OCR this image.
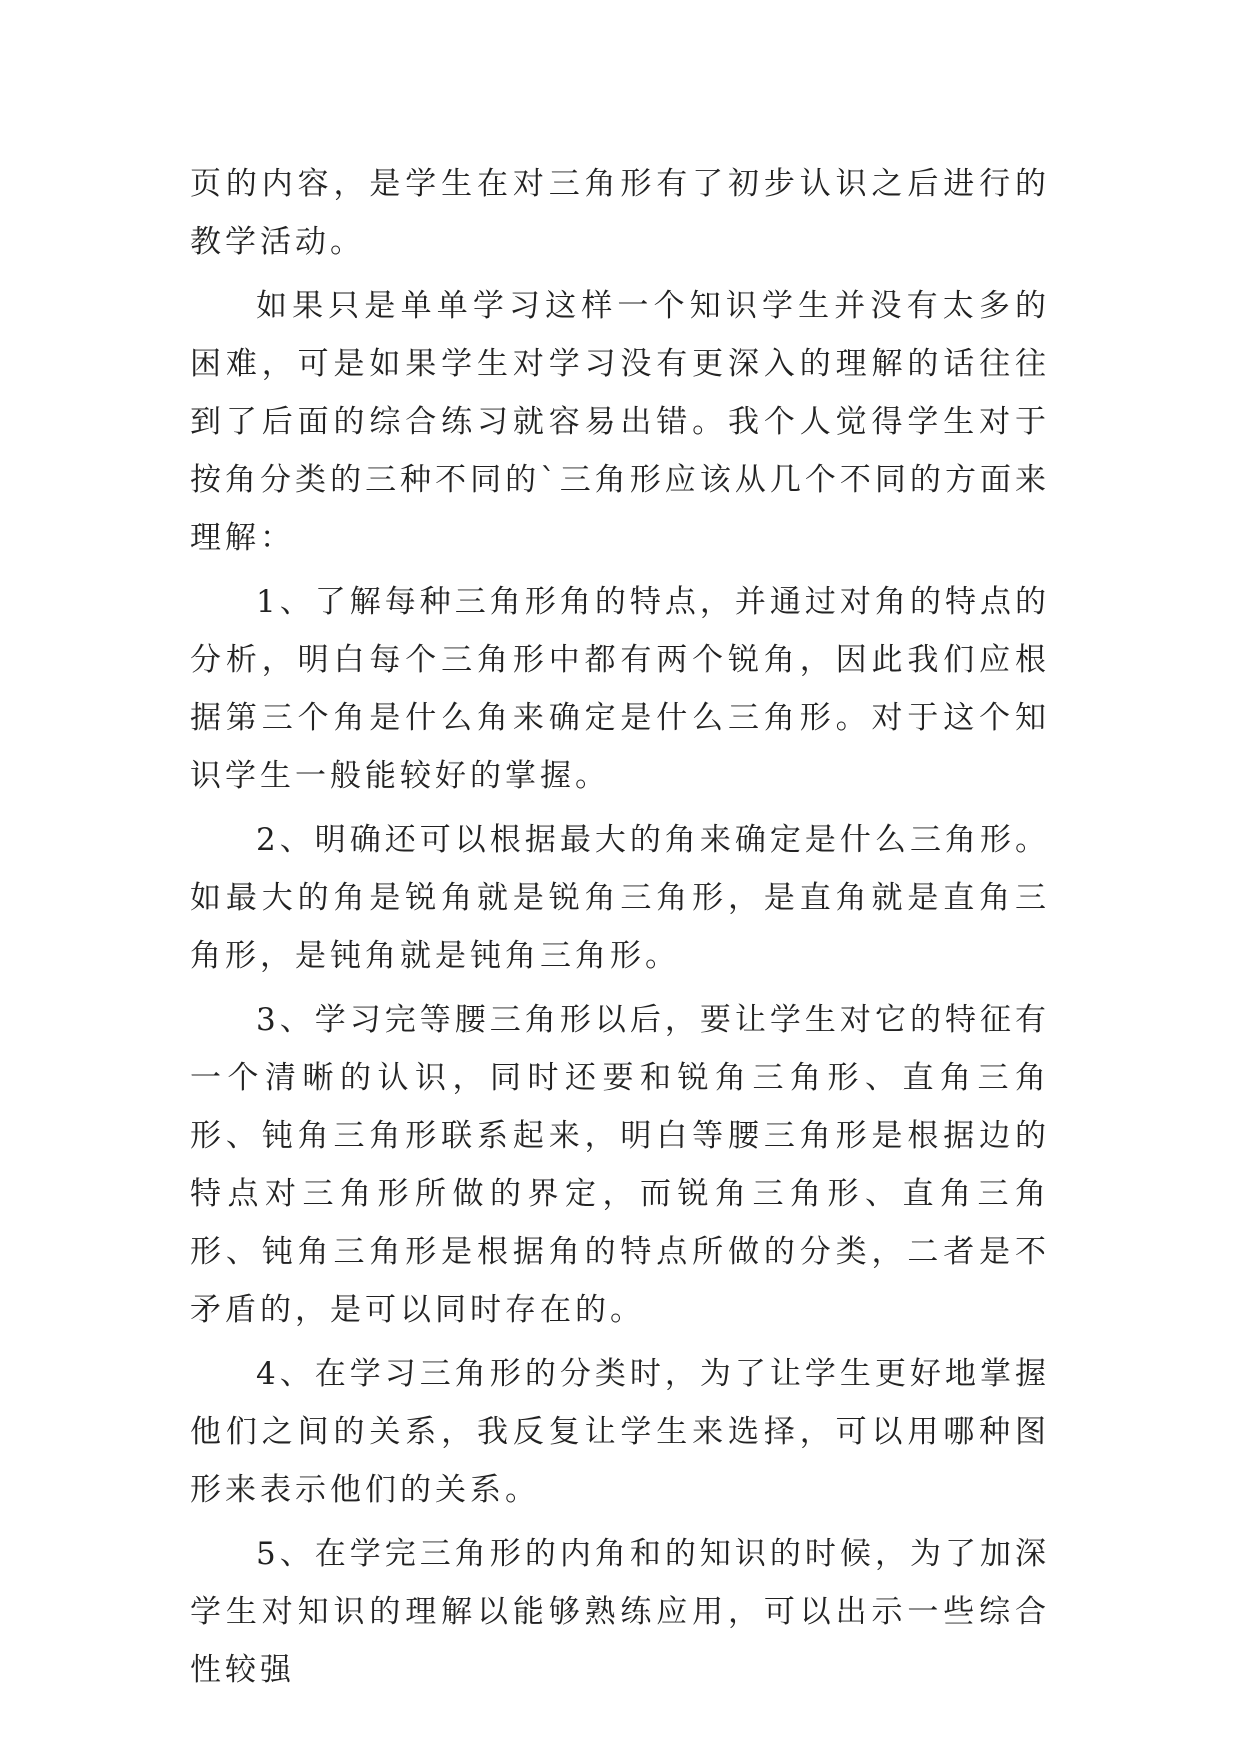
页的内容，是学生在对三角形有了初步认识之后进行的教学活动。

如果只是单单学习这样一个知识学生并没有太多的困难，可是如果学生对学习没有更深入的理解的话往往到了后面的综合练习就容易出错。我个人觉得学生对于按角分类的三种不同的`三角形应该从几个不同的方面来理解：

1、了解每种三角形角的特点，并通过对角的特点的分析，明白每个三角形中都有两个锐角，因此我们应根据第三个角是什么角来确定是什么三角形。对于这个知识学生一般能较好的掌握。

2、明确还可以根据最大的角来确定是什么三角形。如最大的角是锐角就是锐角三角形，是直角就是直角三角形，是钝角就是钝角三角形。

3、学习完等腰三角形以后，要让学生对它的特征有一个清晰的认识，同时还要和锐角三角形、直角三角形、钝角三角形联系起来，明白等腰三角形是根据边的特点对三角形所做的界定，而锐角三角形、直角三角形、钝角三角形是根据角的特点所做的分类，二者是不矛盾的，是可以同时存在的。

4、在学习三角形的分类时，为了让学生更好地掌握他们之间的关系，我反复让学生来选择，可以用哪种图形来表示他们的关系。

5、在学完三角形的内角和的知识的时候，为了加深学生对知识的理解以能够熟练应用，可以出示一些综合性较强
